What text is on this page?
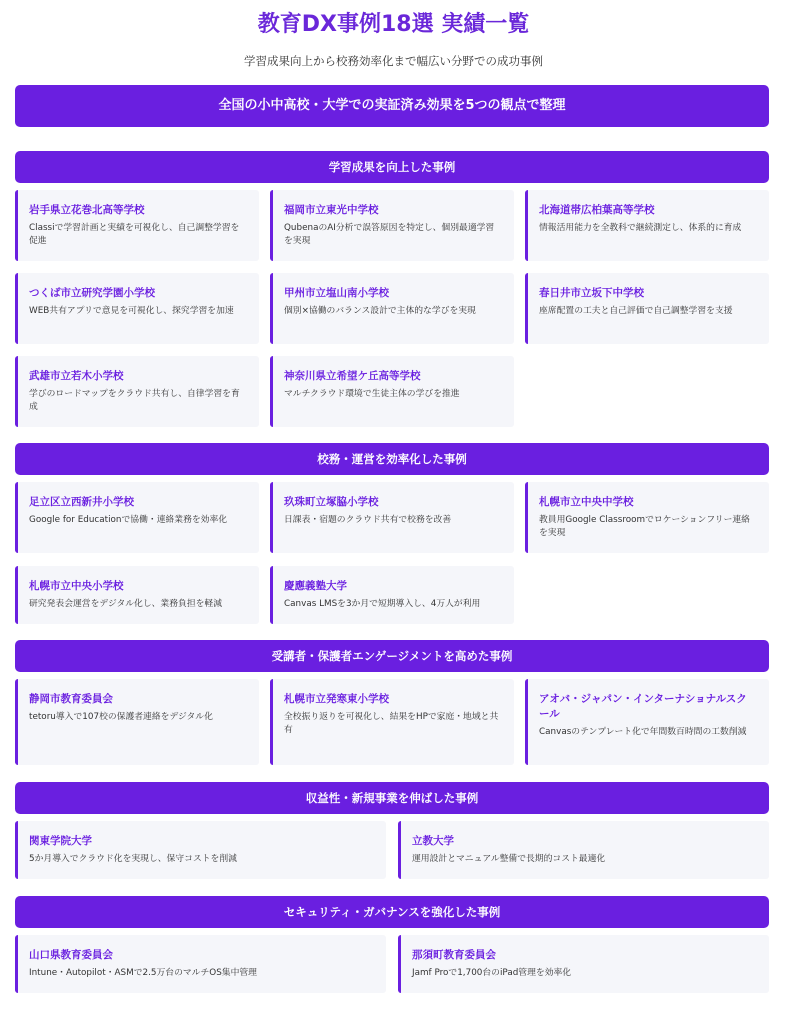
教育DX事例18選 実績一覧
学習成果向上から校務効率化まで幅広い分野での成功事例
全国の小中高校・大学での実証済み効果を5つの観点で整理
学習成果を向上した事例
岩手県立花巻北高等学校
Classiで学習計画と実績を可視化し、自己調整学習を促進
福岡市立東光中学校
QubenaのAI分析で誤答原因を特定し、個別最適学習を実現
北海道帯広柏葉高等学校
情報活用能力を全教科で継続測定し、体系的に育成
つくば市立研究学園小学校
WEB共有アプリで意見を可視化し、探究学習を加速
甲州市立塩山南小学校
個別×協働のバランス設計で主体的な学びを実現
春日井市立坂下中学校
座席配置の工夫と自己評価で自己調整学習を支援
武雄市立若木小学校
学びのロードマップをクラウド共有し、自律学習を育成
神奈川県立希望ケ丘高等学校
マルチクラウド環境で生徒主体の学びを推進
校務・運営を効率化した事例
足立区立西新井小学校
Google for Educationで協働・連絡業務を効率化
玖珠町立塚脇小学校
日課表・宿題のクラウド共有で校務を改善
札幌市立中央中学校
教員用Google Classroomでロケーションフリー連絡を実現
札幌市立中央小学校
研究発表会運営をデジタル化し、業務負担を軽減
慶應義塾大学
Canvas LMSを3か月で短期導入し、4万人が利用
受講者・保護者エンゲージメントを高めた事例
静岡市教育委員会
tetoru導入で107校の保護者連絡をデジタル化
札幌市立発寒東小学校
全校振り返りを可視化し、結果をHPで家庭・地域と共有
アオバ・ジャパン・インターナショナルスクール
Canvasのテンプレート化で年間数百時間の工数削減
収益性・新規事業を伸ばした事例
関東学院大学
5か月導入でクラウド化を実現し、保守コストを削減
立教大学
運用設計とマニュアル整備で長期的コスト最適化
セキュリティ・ガバナンスを強化した事例
山口県教育委員会
Intune・Autopilot・ASMで2.5万台のマルチOS集中管理
那須町教育委員会
Jamf Proで1,700台のiPad管理を効率化
